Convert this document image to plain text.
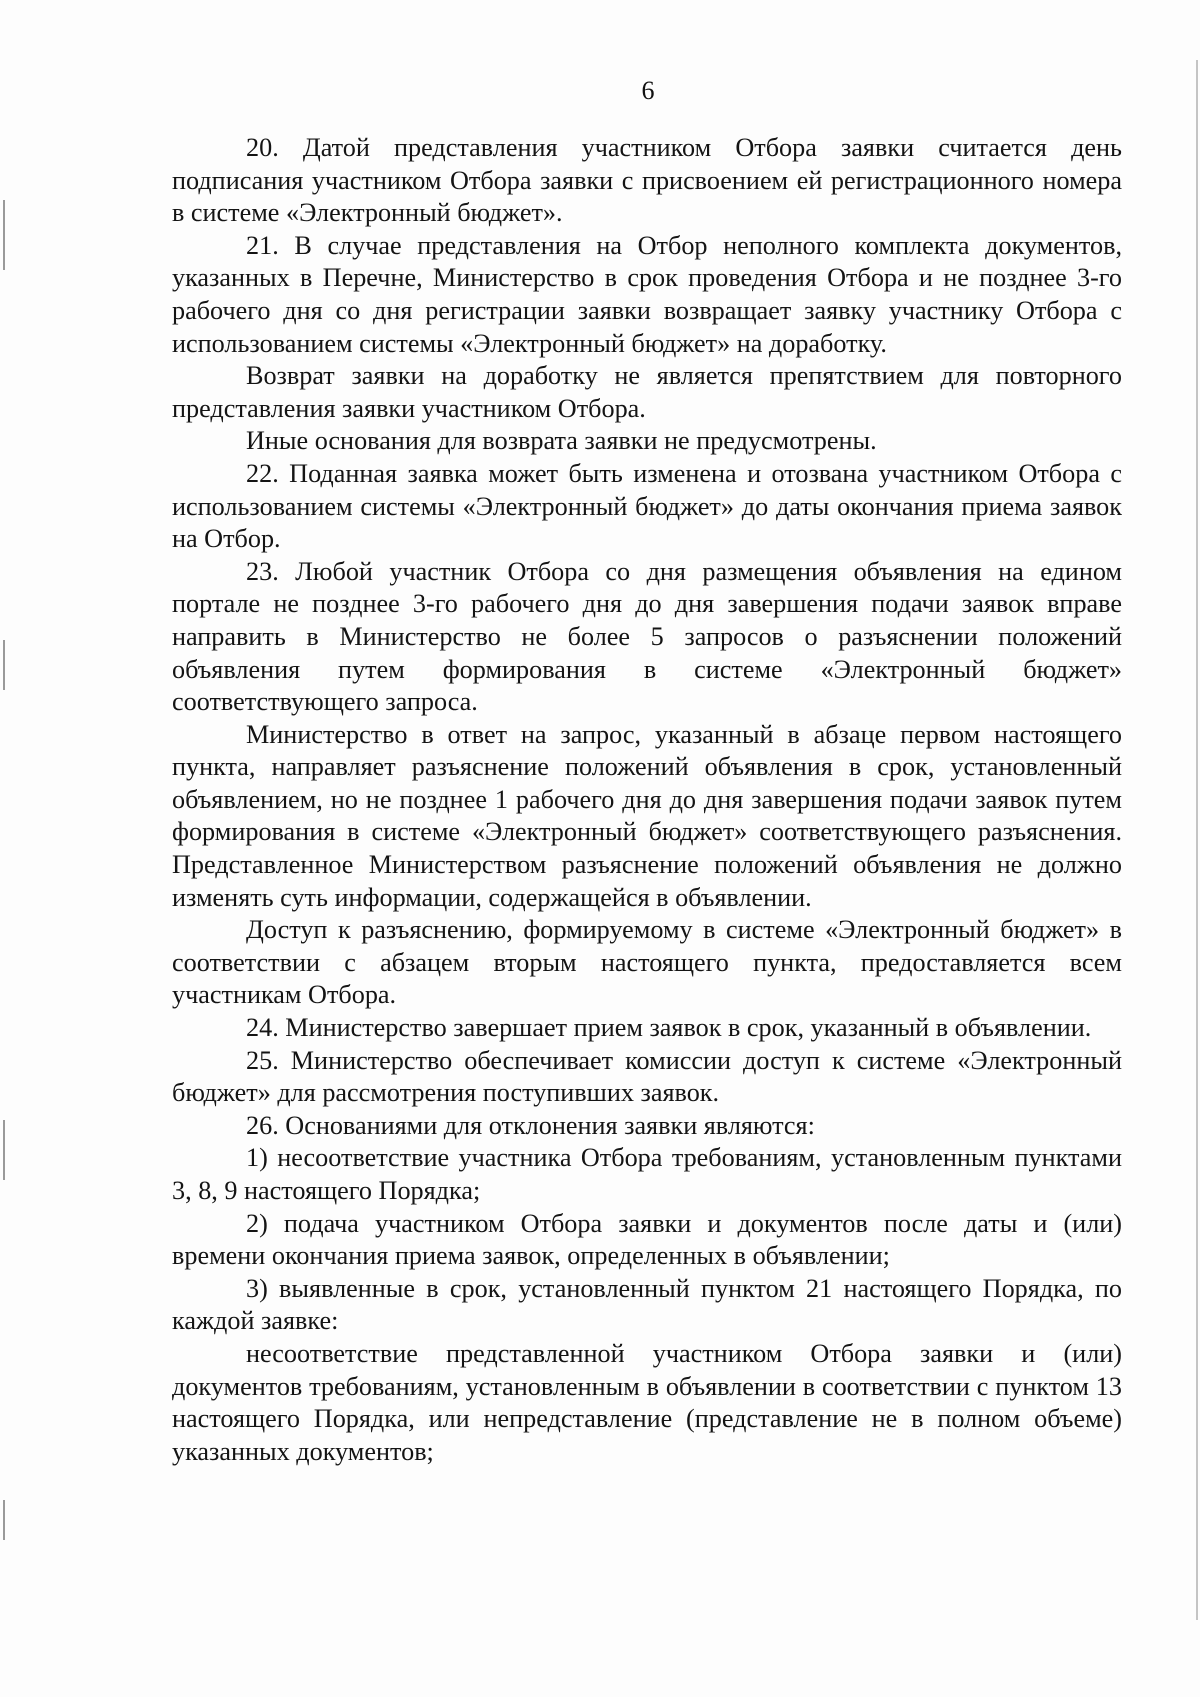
6

20. Датой представления участником Отбора заявки считается день подписания участником Отбора заявки с присвоением ей регистрационного номера в системе «Электронный бюджет».

21. В случае представления на Отбор неполного комплекта документов, указанных в Перечне, Министерство в срок проведения Отбора и не позднее 3-го рабочего дня со дня регистрации заявки возвращает заявку участнику Отбора с использованием системы «Электронный бюджет» на доработку.

Возврат заявки на доработку не является препятствием для повторного представления заявки участником Отбора.

Иные основания для возврата заявки не предусмотрены.

22. Поданная заявка может быть изменена и отозвана участником Отбора с использованием системы «Электронный бюджет» до даты окончания приема заявок на Отбор.

23. Любой участник Отбора со дня размещения объявления на едином портале не позднее 3-го рабочего дня до дня завершения подачи заявок вправе направить в Министерство не более 5 запросов о разъяснении положений объявления путем формирования в системе «Электронный бюджет» соответствующего запроса.

Министерство в ответ на запрос, указанный в абзаце первом настоящего пункта, направляет разъяснение положений объявления в срок, установленный объявлением, но не позднее 1 рабочего дня до дня завершения подачи заявок путем формирования в системе «Электронный бюджет» соответствующего разъяснения. Представленное Министерством разъяснение положений объявления не должно изменять суть информации, содержащейся в объявлении.

Доступ к разъяснению, формируемому в системе «Электронный бюджет» в соответствии с абзацем вторым настоящего пункта, предоставляется всем участникам Отбора.

24. Министерство завершает прием заявок в срок, указанный в объявлении.

25. Министерство обеспечивает комиссии доступ к системе «Электронный бюджет» для рассмотрения поступивших заявок.

26. Основаниями для отклонения заявки являются:

1) несоответствие участника Отбора требованиям, установленным пунктами 3, 8, 9 настоящего Порядка;

2) подача участником Отбора заявки и документов после даты и (или) времени окончания приема заявок, определенных в объявлении;

3) выявленные в срок, установленный пунктом 21 настоящего Порядка, по каждой заявке:

несоответствие представленной участником Отбора заявки и (или) документов требованиям, установленным в объявлении в соответствии с пунктом 13 настоящего Порядка, или непредставление (представление не в полном объеме) указанных документов;
